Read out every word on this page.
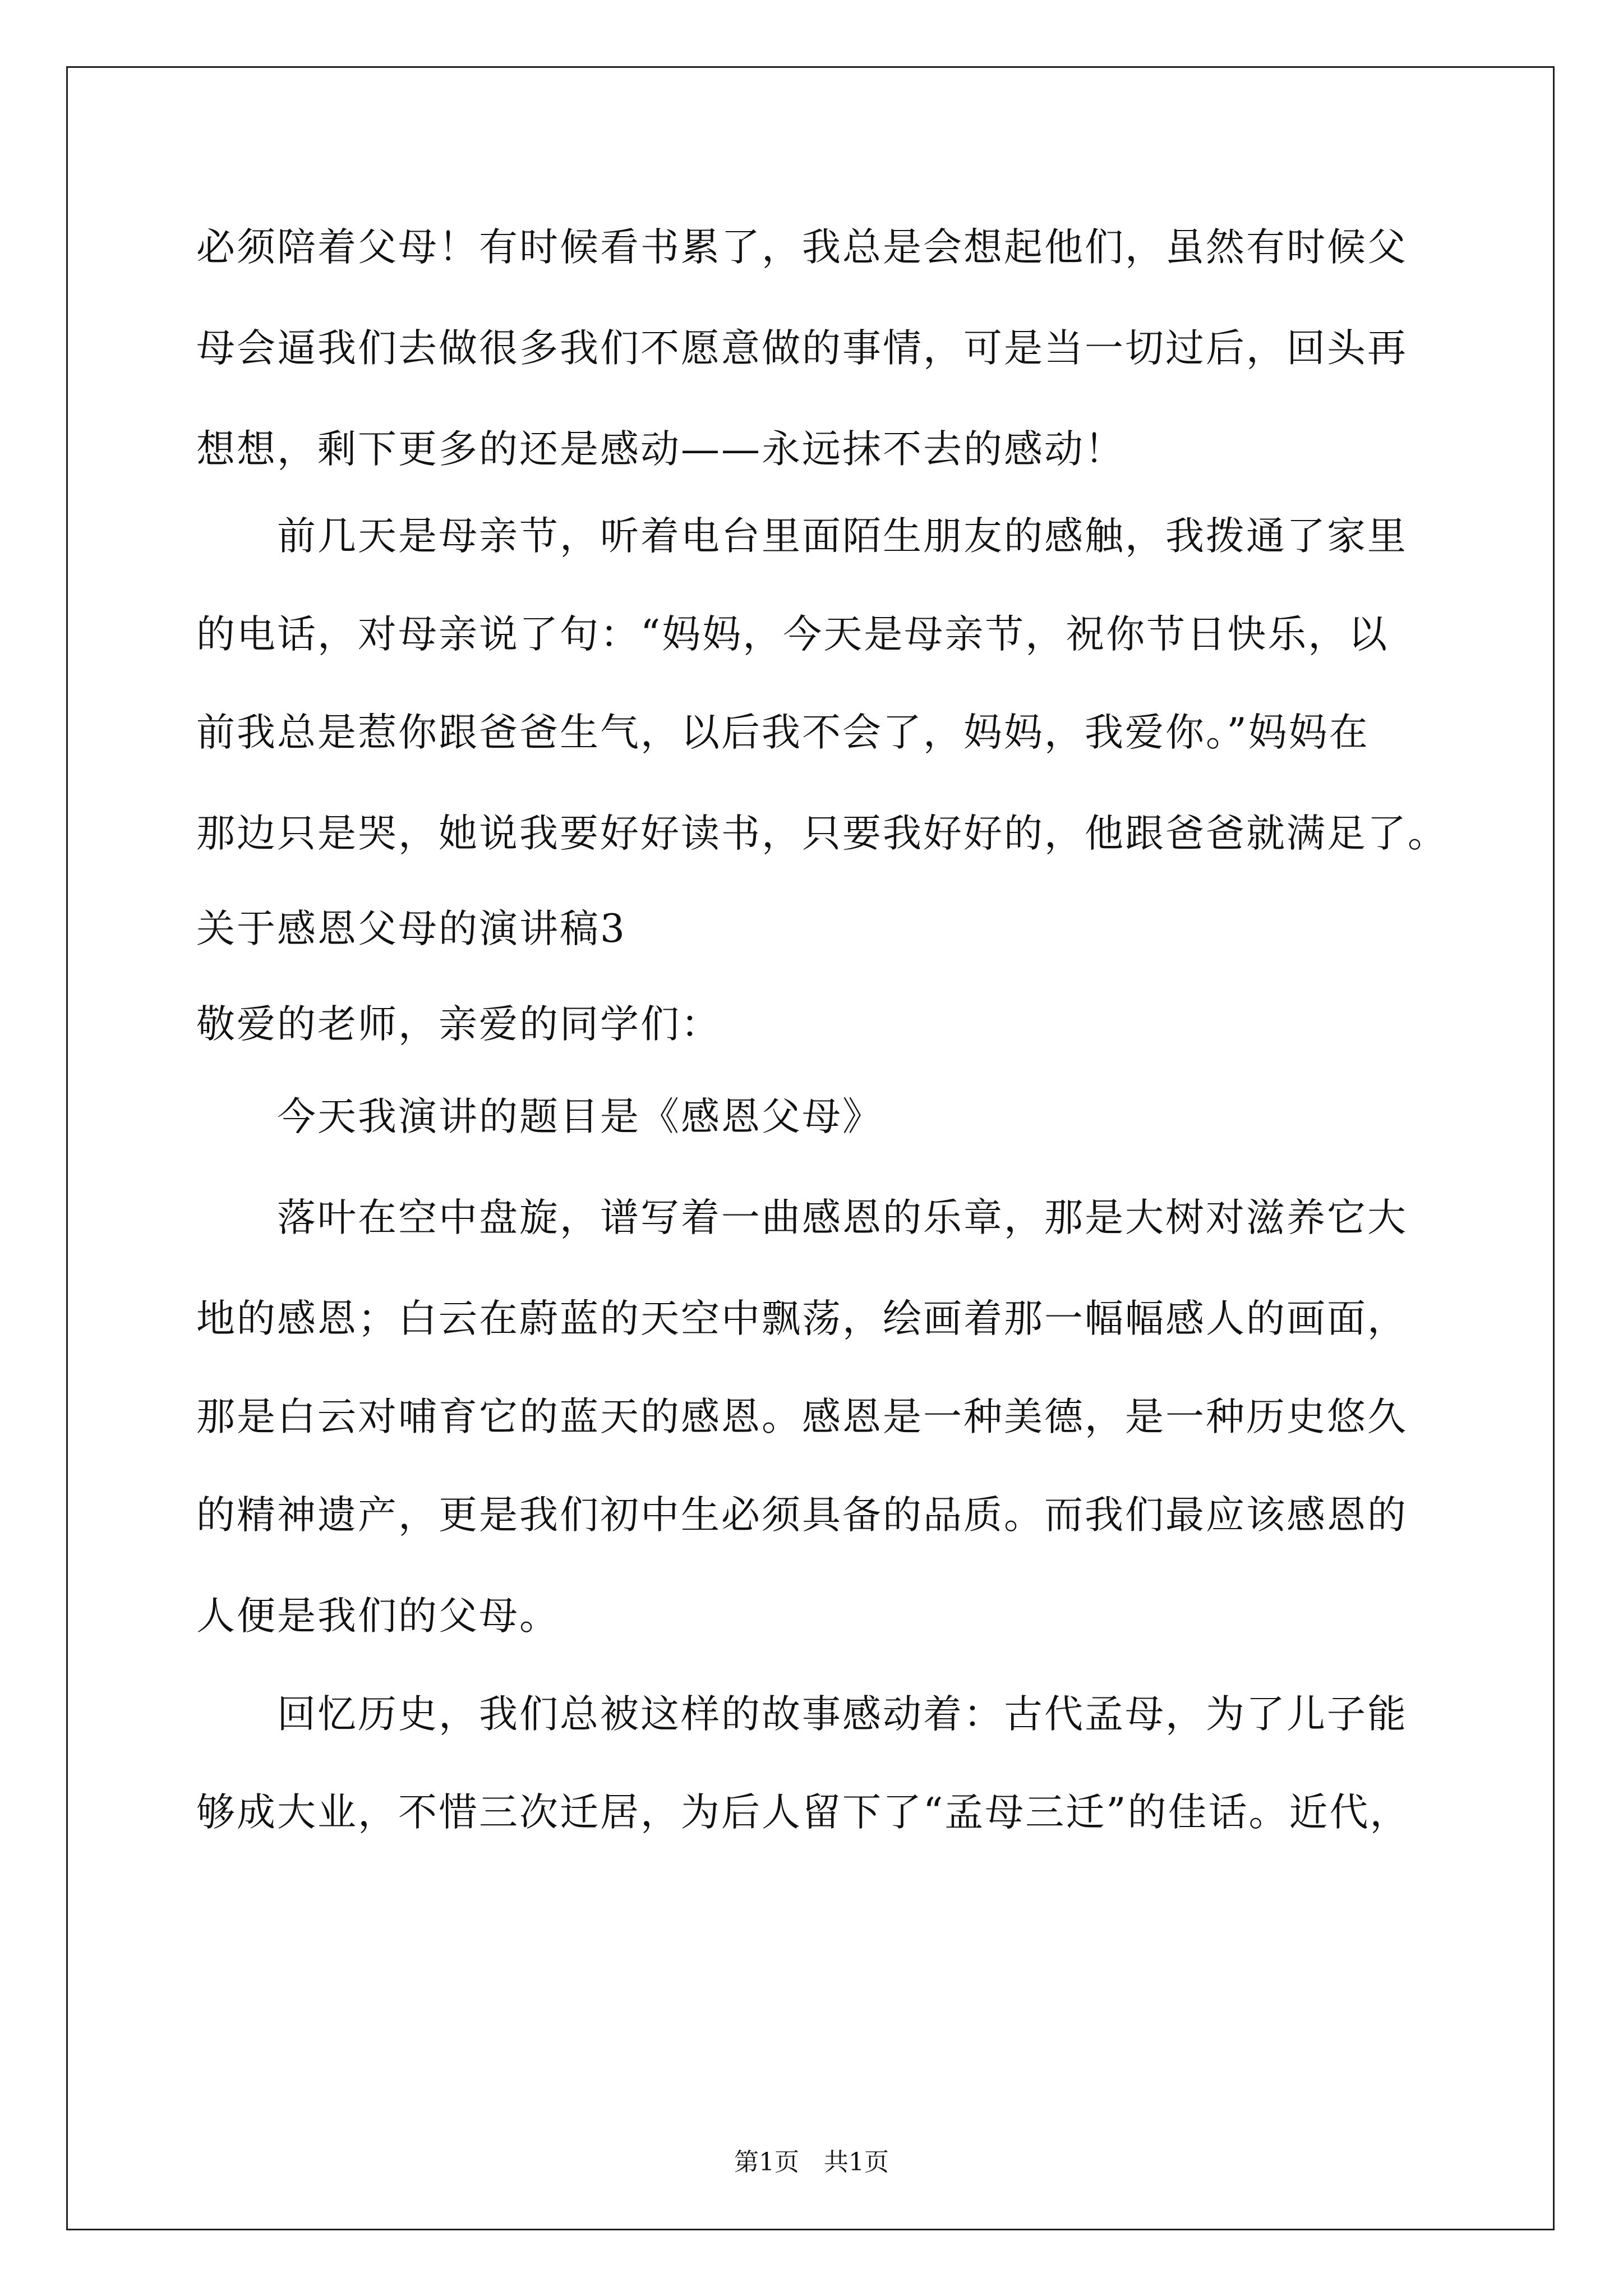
必须陪着父母！有时候看书累了，我总是会想起他们，虽然有时候父
母会逼我们去做很多我们不愿意做的事情，可是当一切过后，回头再
想想，剩下更多的还是感动——永远抹不去的感动！
　　前几天是母亲节，听着电台里面陌生朋友的感触，我拨通了家里
的电话，对母亲说了句：“妈妈，今天是母亲节，祝你节日快乐，以
前我总是惹你跟爸爸生气，以后我不会了，妈妈，我爱你。”妈妈在
那边只是哭，她说我要好好读书，只要我好好的，他跟爸爸就满足了。
关于感恩父母的演讲稿3
敬爱的老师，亲爱的同学们：
　　今天我演讲的题目是《感恩父母》
　　落叶在空中盘旋，谱写着一曲感恩的乐章，那是大树对滋养它大
地的感恩；白云在蔚蓝的天空中飘荡，绘画着那一幅幅感人的画面，
那是白云对哺育它的蓝天的感恩。感恩是一种美德，是一种历史悠久
的精神遗产，更是我们初中生必须具备的品质。而我们最应该感恩的
人便是我们的父母。
　　回忆历史，我们总被这样的故事感动着：古代孟母，为了儿子能
够成大业，不惜三次迁居，为后人留下了“孟母三迁”的佳话。近代，
第1页　共1页
